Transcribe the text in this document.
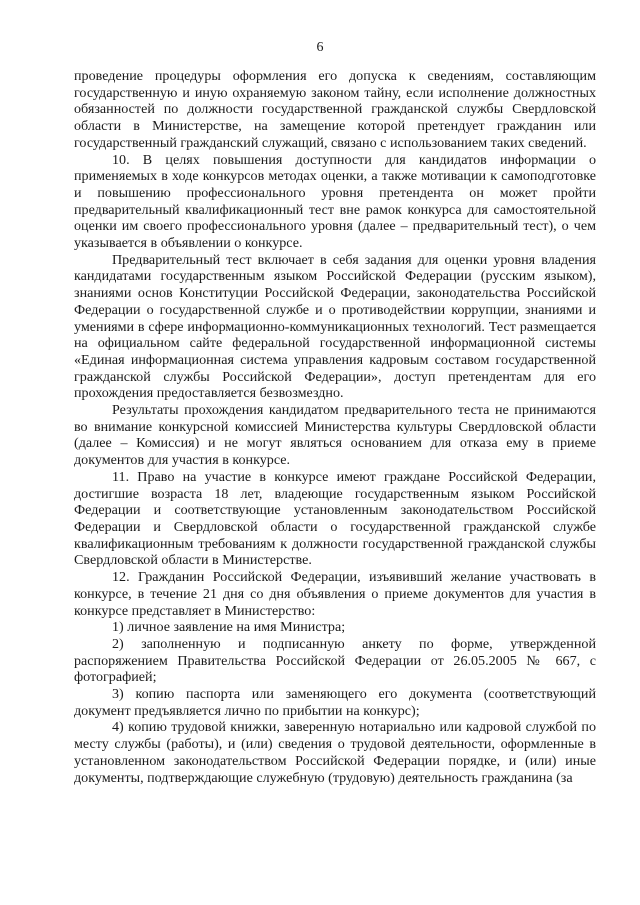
6

проведение процедуры оформления его допуска к сведениям, составляющим государственную и иную охраняемую законом тайну, если исполнение должностных обязанностей по должности государственной гражданской службы Свердловской области в Министерстве, на замещение которой претендует гражданин или государственный гражданский служащий, связано с использованием таких сведений.

10. В целях повышения доступности для кандидатов информации о применяемых в ходе конкурсов методах оценки, а также мотивации к самоподготовке и повышению профессионального уровня претендента он может пройти предварительный квалификационный тест вне рамок конкурса для самостоятельной оценки им своего профессионального уровня (далее – предварительный тест), о чем указывается в объявлении о конкурсе.

Предварительный тест включает в себя задания для оценки уровня владения кандидатами государственным языком Российской Федерации (русским языком), знаниями основ Конституции Российской Федерации, законодательства Российской Федерации о государственной службе и о противодействии коррупции, знаниями и умениями в сфере информационно-коммуникационных технологий. Тест размещается на официальном сайте федеральной государственной информационной системы «Единая информационная система управления кадровым составом государственной гражданской службы Российской Федерации», доступ претендентам для его прохождения предоставляется безвозмездно.

Результаты прохождения кандидатом предварительного теста не принимаются во внимание конкурсной комиссией Министерства культуры Свердловской области (далее – Комиссия) и не могут являться основанием для отказа ему в приеме документов для участия в конкурсе.

11. Право на участие в конкурсе имеют граждане Российской Федерации, достигшие возраста 18 лет, владеющие государственным языком Российской Федерации и соответствующие установленным законодательством Российской Федерации и Свердловской области о государственной гражданской службе квалификационным требованиям к должности государственной гражданской службы Свердловской области в Министерстве.

12. Гражданин Российской Федерации, изъявивший желание участвовать в конкурсе, в течение 21 дня со дня объявления о приеме документов для участия в конкурсе представляет в Министерство:

1) личное заявление на имя Министра;

2) заполненную и подписанную анкету по форме, утвержденной распоряжением Правительства Российской Федерации от 26.05.2005 № 667, с фотографией;

3) копию паспорта или заменяющего его документа (соответствующий документ предъявляется лично по прибытии на конкурс);

4) копию трудовой книжки, заверенную нотариально или кадровой службой по месту службы (работы), и (или) сведения о трудовой деятельности, оформленные в установленном законодательством Российской Федерации порядке, и (или) иные документы, подтверждающие служебную (трудовую) деятельность гражданина (за
